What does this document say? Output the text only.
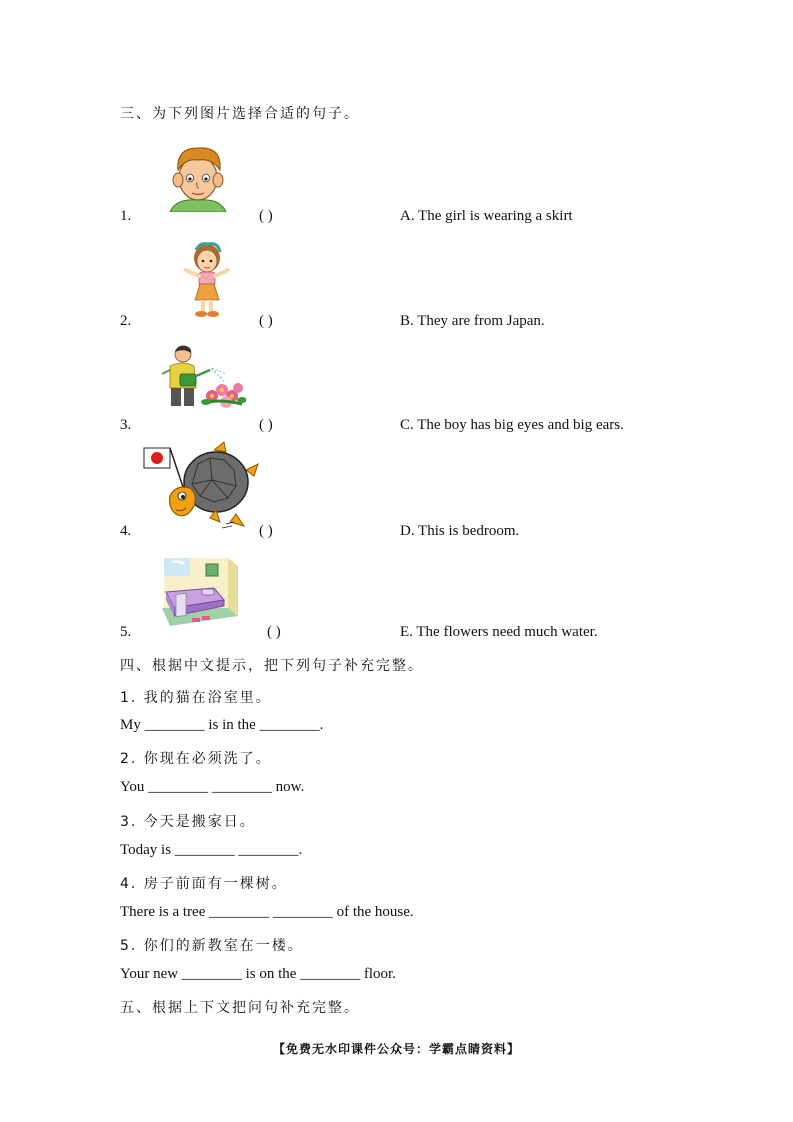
三、为下列图片选择合适的句子。
1.	( )	A. The girl is wearing a skirt
2.	( )	B. They are from Japan.
3.	( )	C. The boy has big eyes and big ears.
4.	( )	D. This is bedroom.
5.	( )	E. The flowers need much water.
四、根据中文提示，把下列句子补充完整。
1. 我的猫在浴室里。
My ________ is in the ________.
2. 你现在必须洗了。
You ________ ________ now.
3. 今天是搬家日。
Today is ________ ________.
4. 房子前面有一棵树。
There is a tree ________ ________ of the house.
5. 你们的新教室在一楼。
Your new ________ is on the ________ floor.
五、根据上下文把问句补充完整。
【免费无水印课件公众号：学霸点睛资料】
